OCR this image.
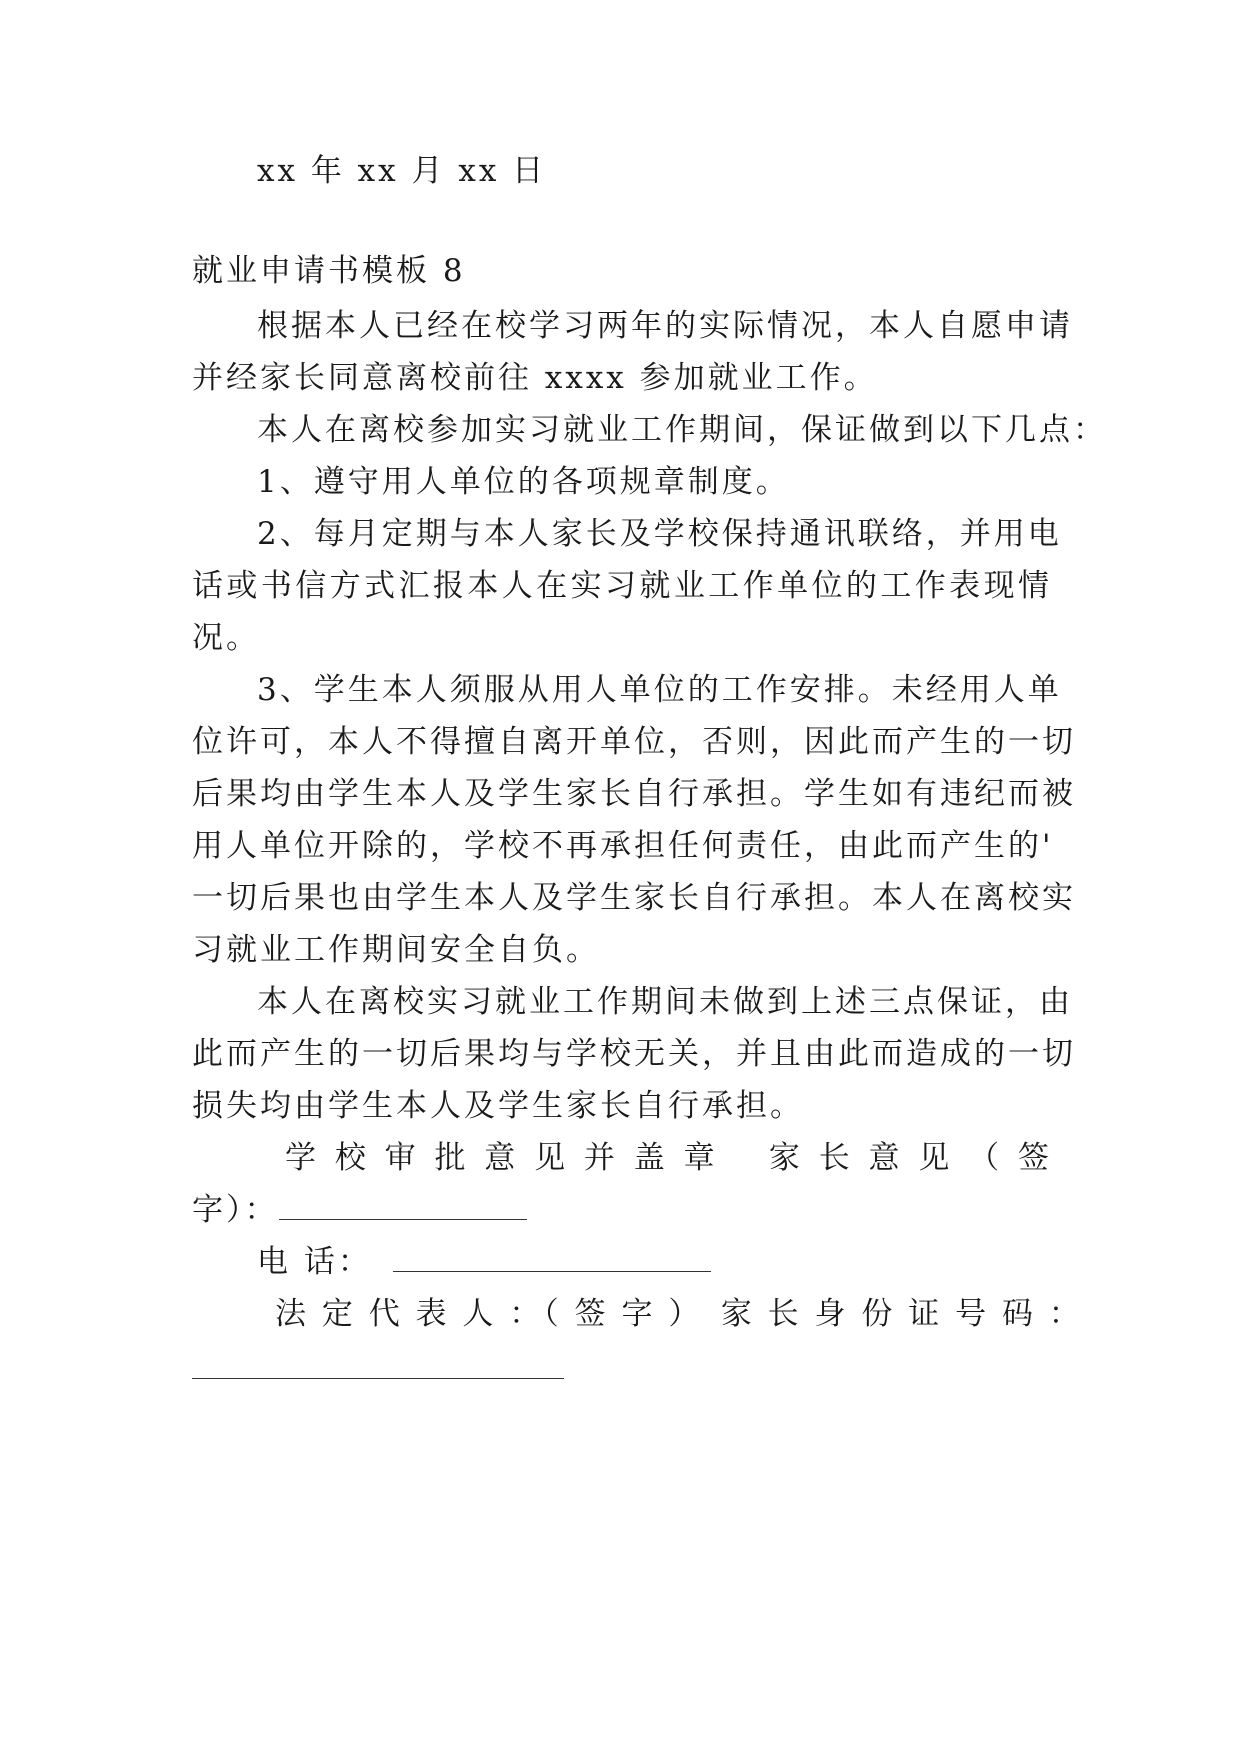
xx 年 xx 月 xx 日
就业申请书模板 8
根据本人已经在校学习两年的实际情况，本人自愿申请
并经家长同意离校前往 xxxx 参加就业工作。
本人在离校参加实习就业工作期间，保证做到以下几点：
1、遵守用人单位的各项规章制度。
2、每月定期与本人家长及学校保持通讯联络，并用电
话或书信方式汇报本人在实习就业工作单位的工作表现情
况。
3、学生本人须服从用人单位的工作安排。未经用人单
位许可，本人不得擅自离开单位，否则，因此而产生的一切
后果均由学生本人及学生家长自行承担。学生如有违纪而被
用人单位开除的，学校不再承担任何责任，由此而产生的'
一切后果也由学生本人及学生家长自行承担。本人在离校实
习就业工作期间安全自负。
本人在离校实习就业工作期间未做到上述三点保证，由
此而产生的一切后果均与学校无关，并且由此而造成的一切
损失均由学生本人及学生家长自行承担。
学 校 审 批 意 见 并 盖 章　 家 长 意 见 （ 签
字）：
电 话：
法 定 代 表 人 ：（ 签 字 ）　家 长 身 份 证 号 码 ：
